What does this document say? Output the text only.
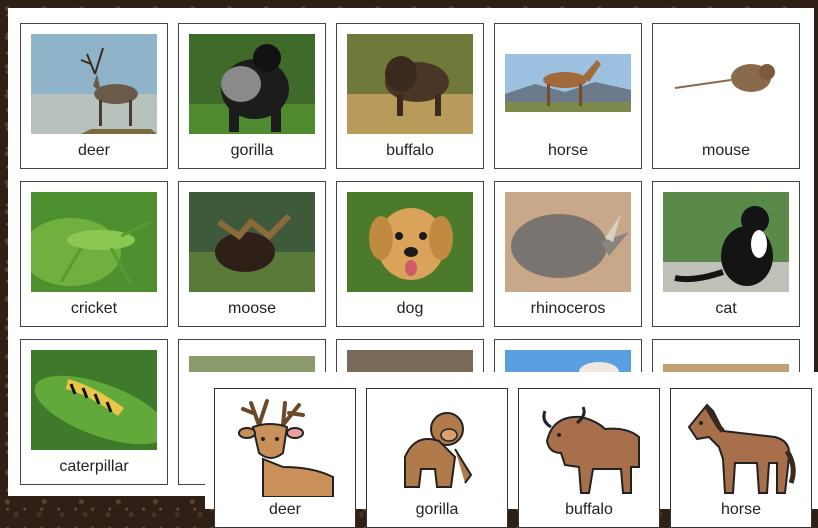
deer	gorilla	buffalo	horse	mouse
cricket	moose	dog	rhinoceros	cat
caterpillar
deer	gorilla	buffalo	horse
